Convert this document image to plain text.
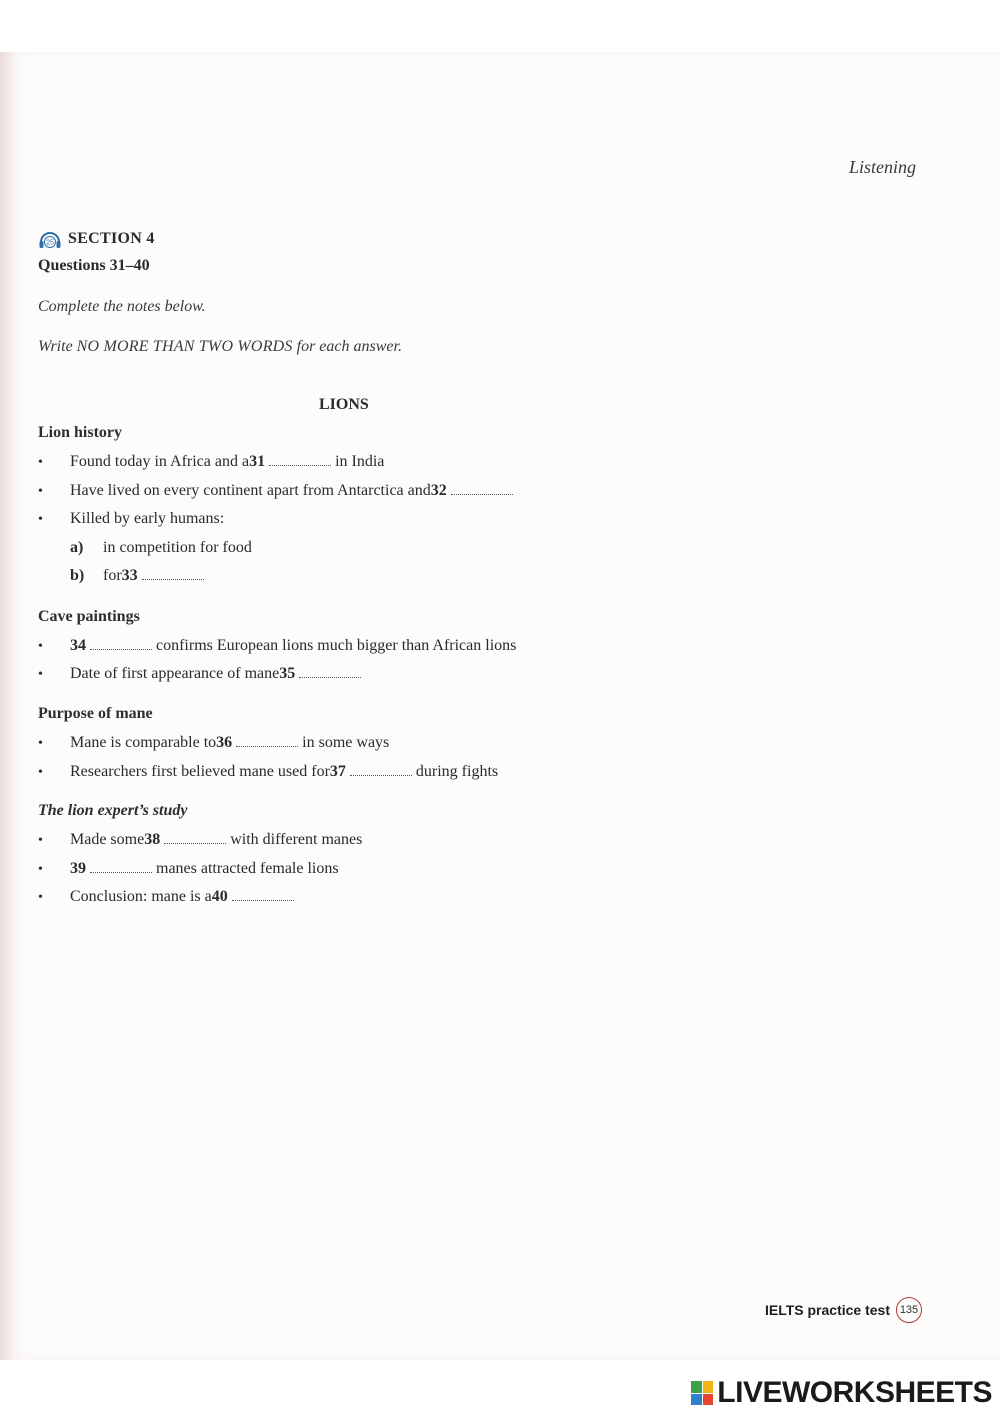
Listening
25 SECTION 4
Questions 31–40
Complete the notes below.
Write NO MORE THAN TWO WORDS for each answer.
LIONS
Lion history
•	Found today in Africa and a 31	in India
•	Have lived on every continent apart from Antarctica and 32
•	Killed by early humans:
a)	in competition for food
b)	for 33
Cave paintings
•	34	confirms European lions much bigger than African lions
•	Date of first appearance of mane 35
Purpose of mane
•	Mane is comparable to 36	in some ways
•	Researchers first believed mane used for 37	during fights
The lion expert’s study
•	Made some 38	with different manes
•	39	manes attracted female lions
•	Conclusion: mane is a 40
IELTS practice test 135
LIVEWORKSHEETS
